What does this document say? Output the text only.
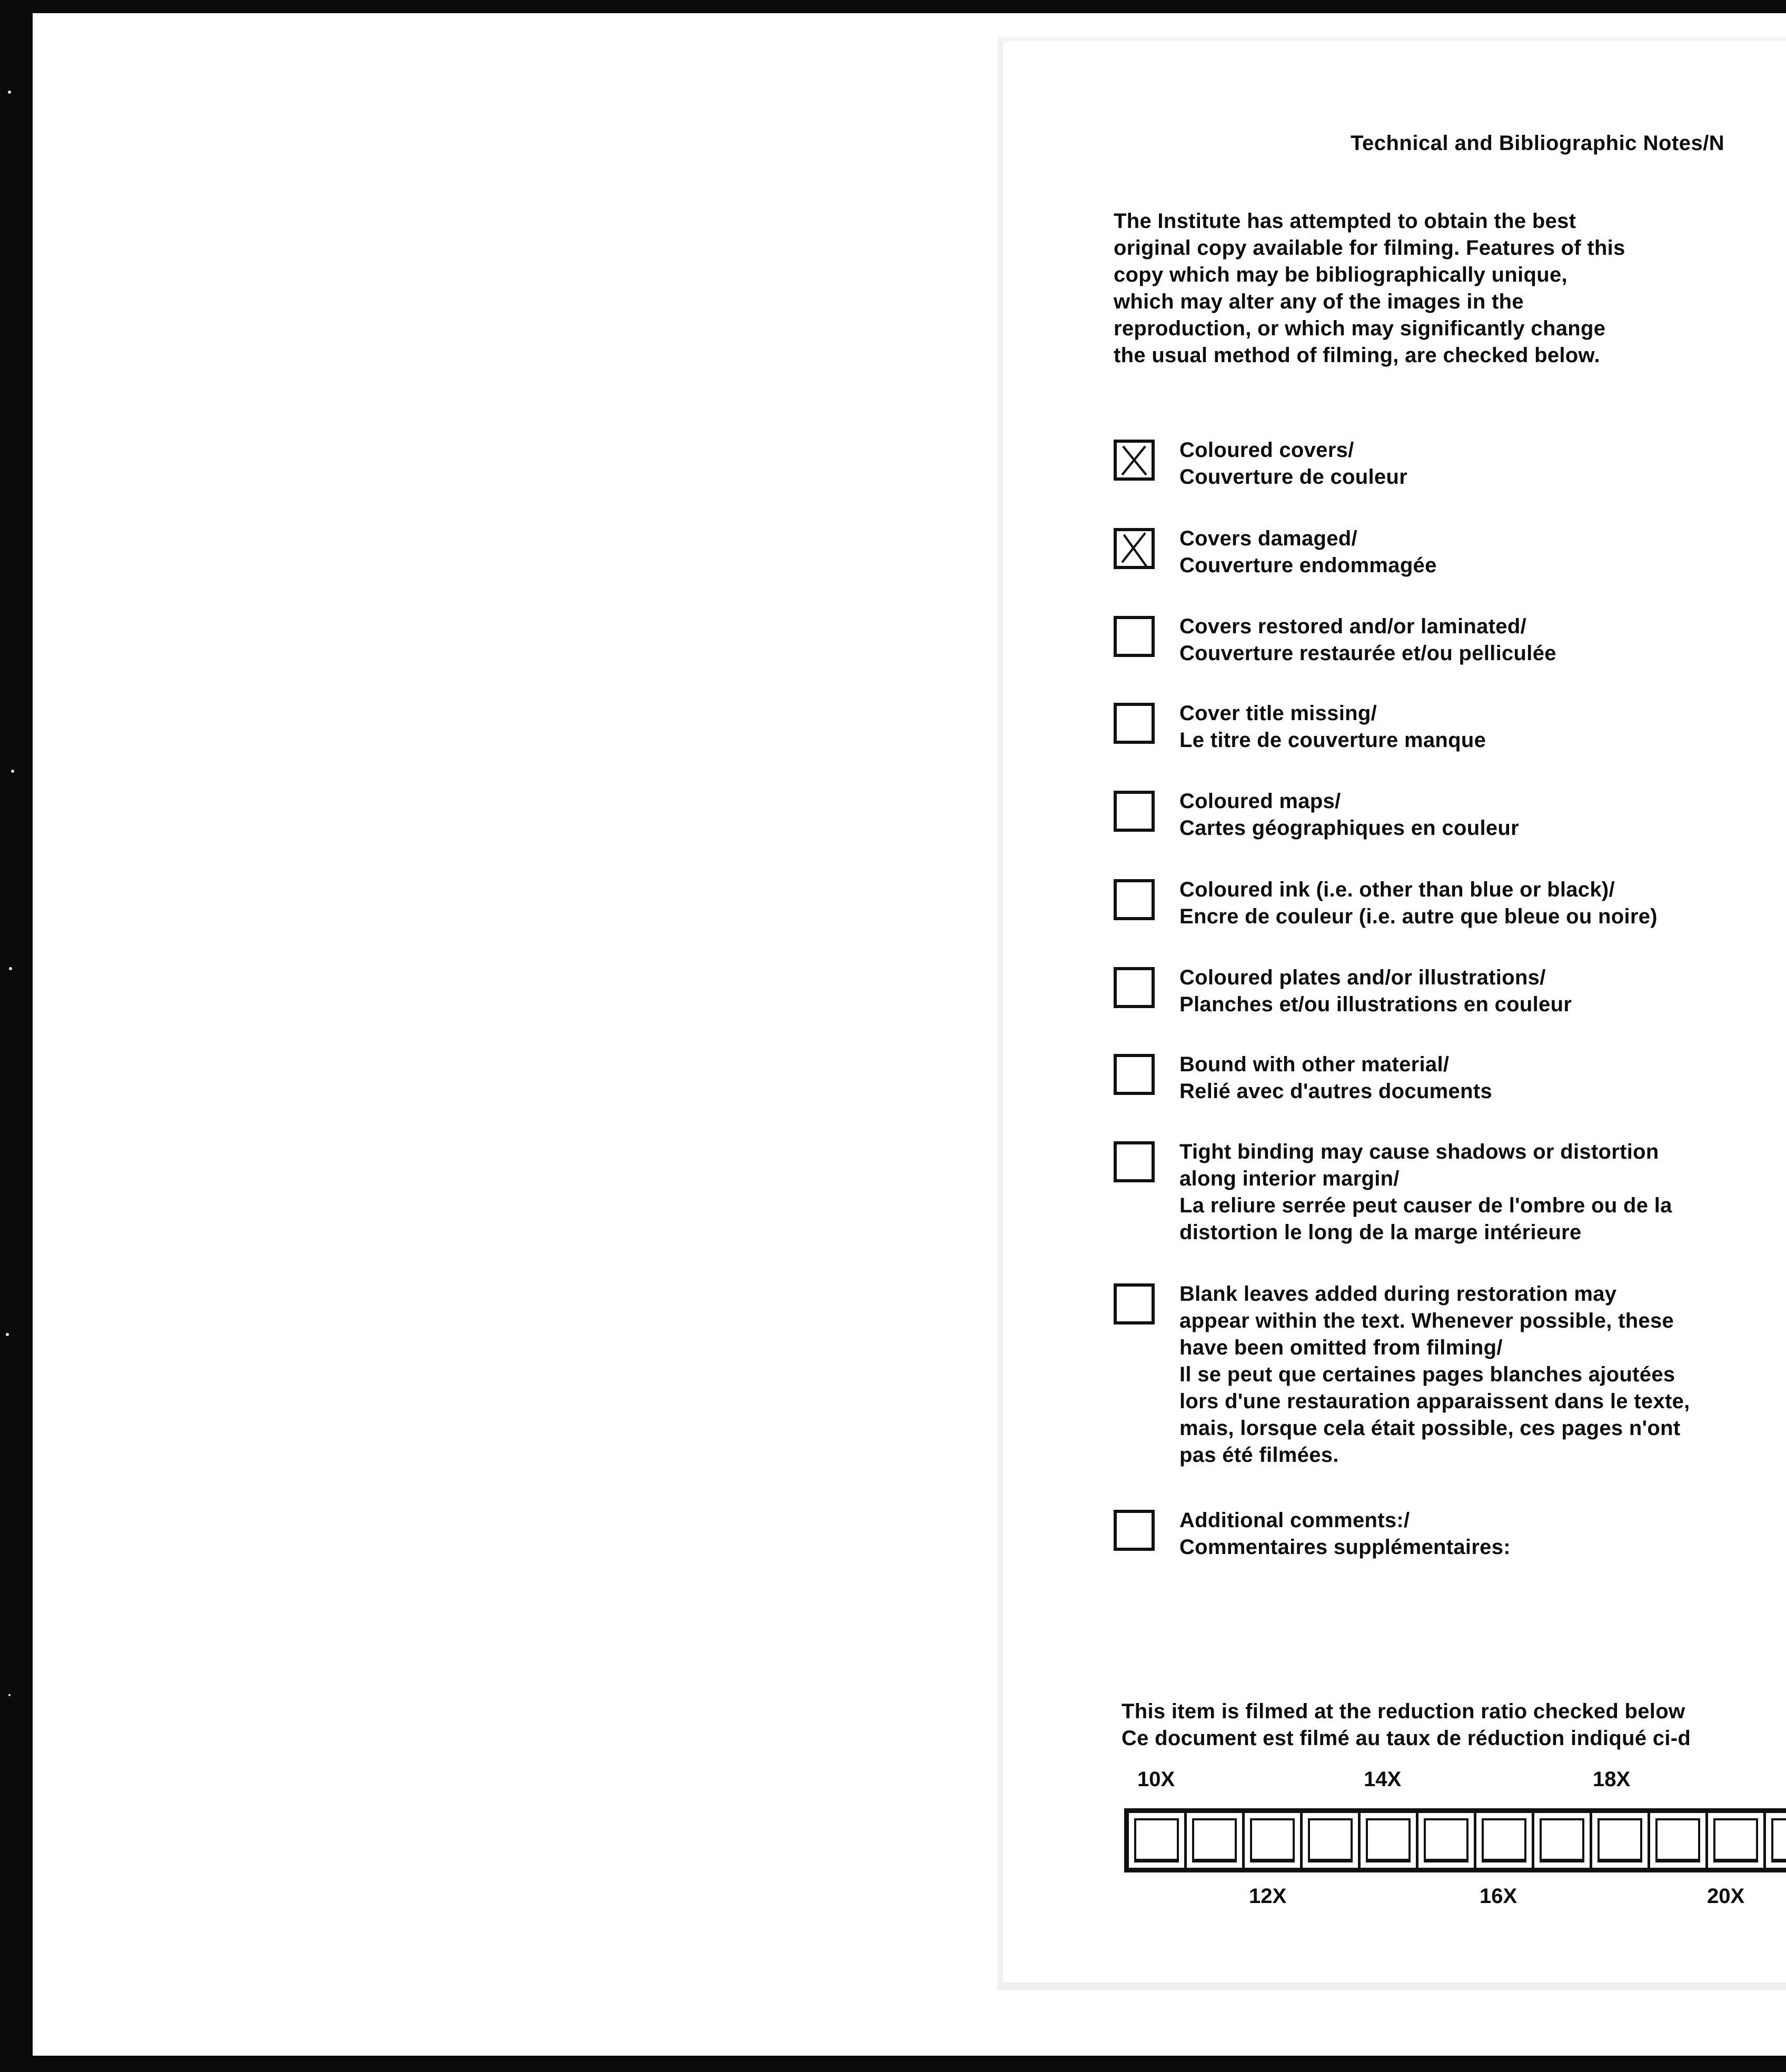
Technical and Bibliographic Notes/N
The Institute has attempted to obtain the best
original copy available for filming. Features of this
copy which may be bibliographically unique,
which may alter any of the images in the
reproduction, or which may significantly change
the usual method of filming, are checked below.
Coloured covers/
Couverture de couleur
Covers damaged/
Couverture endommagée
Covers restored and/or laminated/
Couverture restaurée et/ou pelliculée
Cover title missing/
Le titre de couverture manque
Coloured maps/
Cartes géographiques en couleur
Coloured ink (i.e. other than blue or black)/
Encre de couleur (i.e. autre que bleue ou noire)
Coloured plates and/or illustrations/
Planches et/ou illustrations en couleur
Bound with other material/
Relié avec d'autres documents
Tight binding may cause shadows or distortion
along interior margin/
La reliure serrée peut causer de l'ombre ou de la
distortion le long de la marge intérieure
Blank leaves added during restoration may
appear within the text. Whenever possible, these
have been omitted from filming/
Il se peut que certaines pages blanches ajoutées
lors d'une restauration apparaissent dans le texte,
mais, lorsque cela était possible, ces pages n'ont
pas été filmées.
Additional comments:/
Commentaires supplémentaires:
This item is filmed at the reduction ratio checked below
Ce document est filmé au taux de réduction indiqué ci-d
10X	14X	18X
12X	16X	20X
